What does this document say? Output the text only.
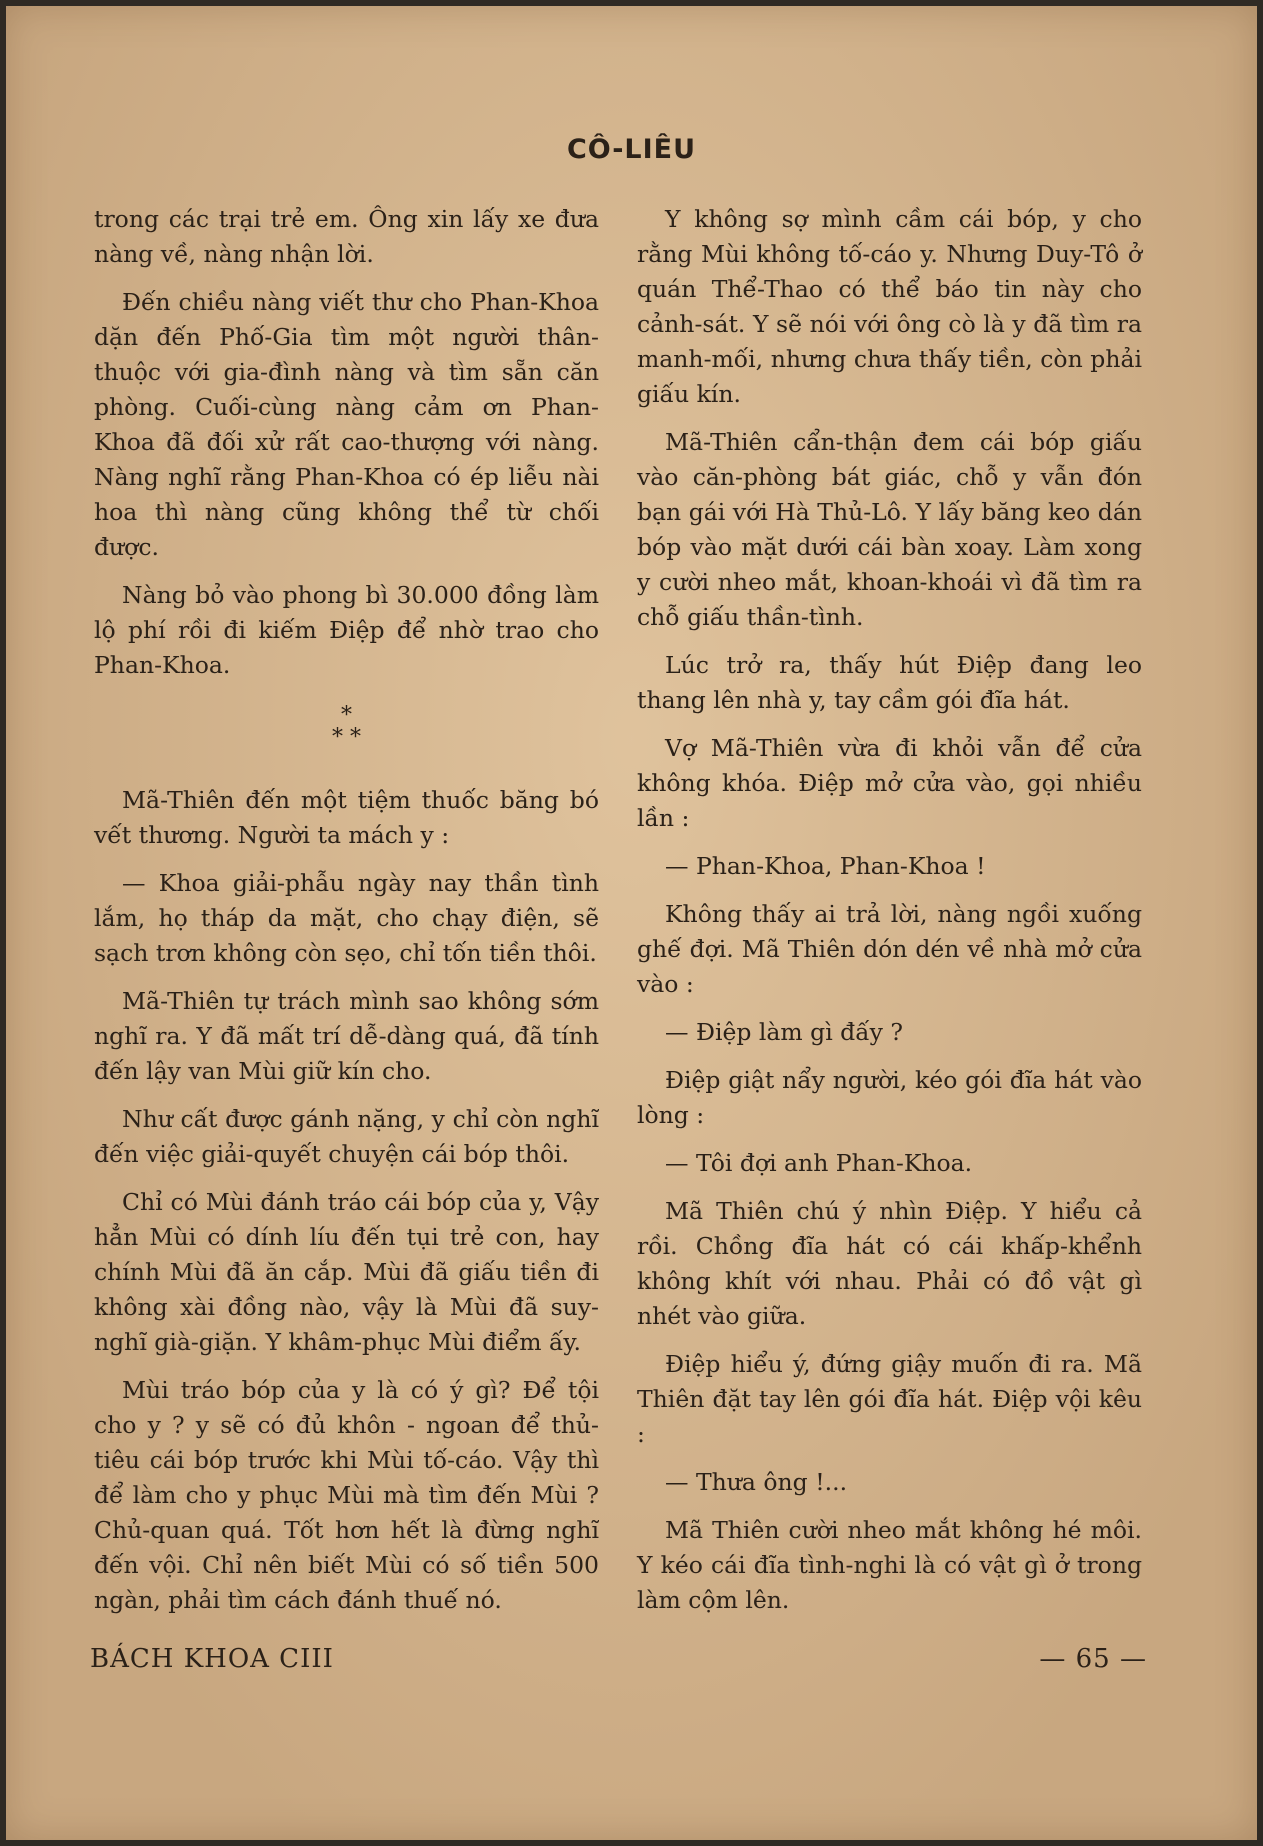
CÔ-LIÊU

trong các trại trẻ em. Ông xin lấy xe đưa nàng về, nàng nhận lời.

Đến chiều nàng viết thư cho Phan-Khoa dặn đến Phố-Gia tìm một người thân-thuộc với gia-đình nàng và tìm sẵn căn phòng. Cuối-cùng nàng cảm ơn Phan-Khoa đã đối xử rất cao-thượng với nàng. Nàng nghĩ rằng Phan-Khoa có ép liễu nài hoa thì nàng cũng không thể từ chối được.

Nàng bỏ vào phong bì 30.000 đồng làm lộ phí rồi đi kiếm Điệp để nhờ trao cho Phan-Khoa.

*
* *

Mã-Thiên đến một tiệm thuốc băng bó vết thương. Người ta mách y :

— Khoa giải-phẫu ngày nay thần tình lắm, họ tháp da mặt, cho chạy điện, sẽ sạch trơn không còn sẹo, chỉ tốn tiền thôi.

Mã-Thiên tự trách mình sao không sớm nghĩ ra. Y đã mất trí dễ-dàng quá, đã tính đến lậy van Mùi giữ kín cho.

Như cất được gánh nặng, y chỉ còn nghĩ đến việc giải-quyết chuyện cái bóp thôi.

Chỉ có Mùi đánh tráo cái bóp của y, Vậy hẳn Mùi có dính líu đến tụi trẻ con, hay chính Mùi đã ăn cắp. Mùi đã giấu tiền đi không xài đồng nào, vậy là Mùi đã suy-nghĩ già-giặn. Y khâm-phục Mùi điểm ấy.

Mùi tráo bóp của y là có ý gì? Để tội cho y ? y sẽ có đủ khôn - ngoan để thủ-tiêu cái bóp trước khi Mùi tố-cáo. Vậy thì để làm cho y phục Mùi mà tìm đến Mùi ? Chủ-quan quá. Tốt hơn hết là đừng nghĩ đến vội. Chỉ nên biết Mùi có số tiền 500 ngàn, phải tìm cách đánh thuế nó.

Y không sợ mình cầm cái bóp, y cho rằng Mùi không tố-cáo y. Nhưng Duy-Tô ở quán Thể-Thao có thể báo tin này cho cảnh-sát. Y sẽ nói với ông cò là y đã tìm ra manh-mối, nhưng chưa thấy tiền, còn phải giấu kín.

Mã-Thiên cẩn-thận đem cái bóp giấu vào căn-phòng bát giác, chỗ y vẫn đón bạn gái với Hà Thủ-Lô. Y lấy băng keo dán bóp vào mặt dưới cái bàn xoay. Làm xong y cười nheo mắt, khoan-khoái vì đã tìm ra chỗ giấu thần-tình.

Lúc trở ra, thấy hút Điệp đang leo thang lên nhà y, tay cầm gói đĩa hát.

Vợ Mã-Thiên vừa đi khỏi vẫn để cửa không khóa. Điệp mở cửa vào, gọi nhiều lần :

— Phan-Khoa, Phan-Khoa !

Không thấy ai trả lời, nàng ngồi xuống ghế đợi. Mã Thiên dón dén về nhà mở cửa vào :

— Điệp làm gì đấy ?

Điệp giật nẩy người, kéo gói đĩa hát vào lòng :

— Tôi đợi anh Phan-Khoa.

Mã Thiên chú ý nhìn Điệp. Y hiểu cả rồi. Chồng đĩa hát có cái khấp-khểnh không khít với nhau. Phải có đồ vật gì nhét vào giữa.

Điệp hiểu ý, đứng giậy muốn đi ra. Mã Thiên đặt tay lên gói đĩa hát. Điệp vội kêu :

— Thưa ông !...

Mã Thiên cười nheo mắt không hé môi. Y kéo cái đĩa tình-nghi là có vật gì ở trong làm cộm lên.

BÁCH KHOA CIII	— 65 —
